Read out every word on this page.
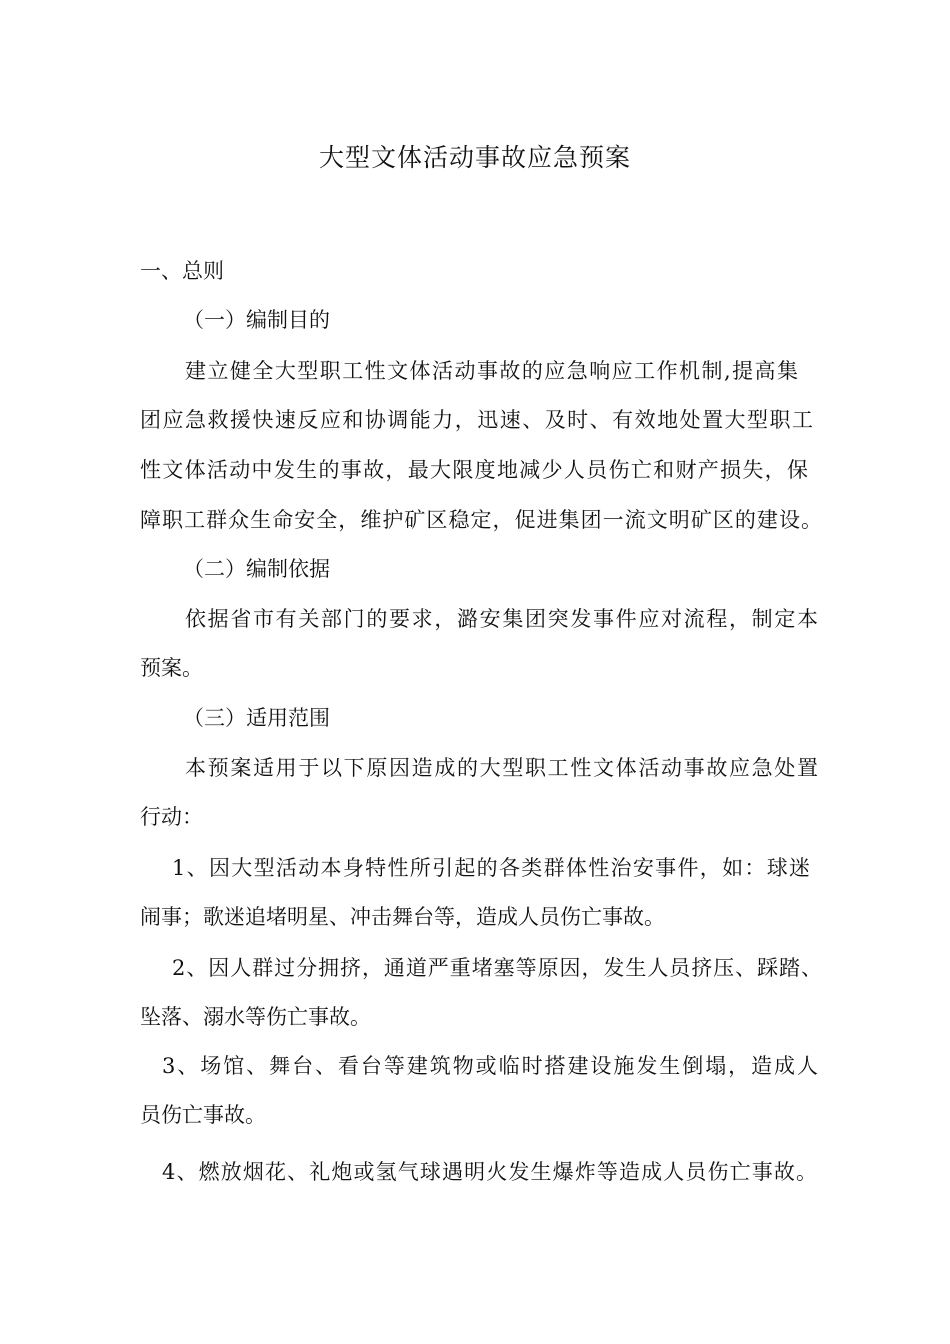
大型文体活动事故应急预案
一、总则
（一）编制目的
建立健全大型职工性文体活动事故的应急响应工作机制,提高集
团应急救援快速反应和协调能力，迅速、及时、有效地处置大型职工
性文体活动中发生的事故，最大限度地减少人员伤亡和财产损失，保
障职工群众生命安全，维护矿区稳定，促进集团一流文明矿区的建设。
（二）编制依据
依据省市有关部门的要求，潞安集团突发事件应对流程，制定本
预案。
（三）适用范围
本预案适用于以下原因造成的大型职工性文体活动事故应急处置
行动：
1、因大型活动本身特性所引起的各类群体性治安事件，如：球迷
闹事；歌迷追堵明星、冲击舞台等，造成人员伤亡事故。
2、因人群过分拥挤，通道严重堵塞等原因，发生人员挤压、踩踏、
坠落、溺水等伤亡事故。
3、场馆、舞台、看台等建筑物或临时搭建设施发生倒塌，造成人
员伤亡事故。
4、燃放烟花、礼炮或氢气球遇明火发生爆炸等造成人员伤亡事故。
